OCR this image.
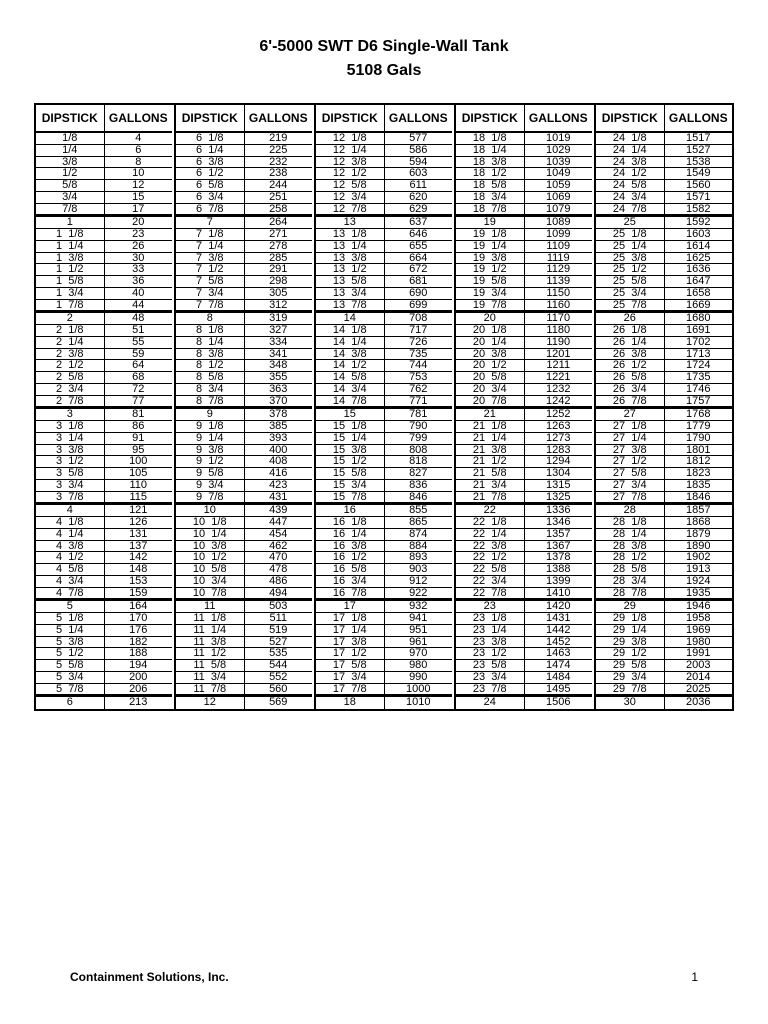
6'-5000 SWT D6 Single-Wall Tank
5108 Gals
DIPSTICK
1/8
1/4
3/8
1/2
5/8
3/4
7/8
1
1  1/8
1  1/4
1  3/8
1  1/2
1  5/8
1  3/4
1  7/8
2
2  1/8
2  1/4
2  3/8
2  1/2
2  5/8
2  3/4
2  7/8
3
3  1/8
3  1/4
3  3/8
3  1/2
3  5/8
3  3/4
3  7/8
4
4  1/8
4  1/4
4  3/8
4  1/2
4  5/8
4  3/4
4  7/8
5
5  1/8
5  1/4
5  3/8
5  1/2
5  5/8
5  3/4
5  7/8
6
GALLONS
4
6
8
10
12
15
17
20
23
26
30
33
36
40
44
48
51
55
59
64
68
72
77
81
86
91
95
100
105
110
115
121
126
131
137
142
148
153
159
164
170
176
182
188
194
200
206
213
DIPSTICK
6  1/8
6  1/4
6  3/8
6  1/2
6  5/8
6  3/4
6  7/8
7
7  1/8
7  1/4
7  3/8
7  1/2
7  5/8
7  3/4
7  7/8
8
8  1/8
8  1/4
8  3/8
8  1/2
8  5/8
8  3/4
8  7/8
9
9  1/8
9  1/4
9  3/8
9  1/2
9  5/8
9  3/4
9  7/8
10
10  1/8
10  1/4
10  3/8
10  1/2
10  5/8
10  3/4
10  7/8
11
11  1/8
11  1/4
11  3/8
11  1/2
11  5/8
11  3/4
11  7/8
12
GALLONS
219
225
232
238
244
251
258
264
271
278
285
291
298
305
312
319
327
334
341
348
355
363
370
378
385
393
400
408
416
423
431
439
447
454
462
470
478
486
494
503
511
519
527
535
544
552
560
569
DIPSTICK
12  1/8
12  1/4
12  3/8
12  1/2
12  5/8
12  3/4
12  7/8
13
13  1/8
13  1/4
13  3/8
13  1/2
13  5/8
13  3/4
13  7/8
14
14  1/8
14  1/4
14  3/8
14  1/2
14  5/8
14  3/4
14  7/8
15
15  1/8
15  1/4
15  3/8
15  1/2
15  5/8
15  3/4
15  7/8
16
16  1/8
16  1/4
16  3/8
16  1/2
16  5/8
16  3/4
16  7/8
17
17  1/8
17  1/4
17  3/8
17  1/2
17  5/8
17  3/4
17  7/8
18
GALLONS
577
586
594
603
611
620
629
637
646
655
664
672
681
690
699
708
717
726
735
744
753
762
771
781
790
799
808
818
827
836
846
855
865
874
884
893
903
912
922
932
941
951
961
970
980
990
1000
1010
DIPSTICK
18  1/8
18  1/4
18  3/8
18  1/2
18  5/8
18  3/4
18  7/8
19
19  1/8
19  1/4
19  3/8
19  1/2
19  5/8
19  3/4
19  7/8
20
20  1/8
20  1/4
20  3/8
20  1/2
20  5/8
20  3/4
20  7/8
21
21  1/8
21  1/4
21  3/8
21  1/2
21  5/8
21  3/4
21  7/8
22
22  1/8
22  1/4
22  3/8
22  1/2
22  5/8
22  3/4
22  7/8
23
23  1/8
23  1/4
23  3/8
23  1/2
23  5/8
23  3/4
23  7/8
24
GALLONS
1019
1029
1039
1049
1059
1069
1079
1089
1099
1109
1119
1129
1139
1150
1160
1170
1180
1190
1201
1211
1221
1232
1242
1252
1263
1273
1283
1294
1304
1315
1325
1336
1346
1357
1367
1378
1388
1399
1410
1420
1431
1442
1452
1463
1474
1484
1495
1506
DIPSTICK
24  1/8
24  1/4
24  3/8
24  1/2
24  5/8
24  3/4
24  7/8
25
25  1/8
25  1/4
25  3/8
25  1/2
25  5/8
25  3/4
25  7/8
26
26  1/8
26  1/4
26  3/8
26  1/2
26  5/8
26  3/4
26  7/8
27
27  1/8
27  1/4
27  3/8
27  1/2
27  5/8
27  3/4
27  7/8
28
28  1/8
28  1/4
28  3/8
28  1/2
28  5/8
28  3/4
28  7/8
29
29  1/8
29  1/4
29  3/8
29  1/2
29  5/8
29  3/4
29  7/8
30
GALLONS
1517
1527
1538
1549
1560
1571
1582
1592
1603
1614
1625
1636
1647
1658
1669
1680
1691
1702
1713
1724
1735
1746
1757
1768
1779
1790
1801
1812
1823
1835
1846
1857
1868
1879
1890
1902
1913
1924
1935
1946
1958
1969
1980
1991
2003
2014
2025
2036
Containment Solutions, Inc.	1
